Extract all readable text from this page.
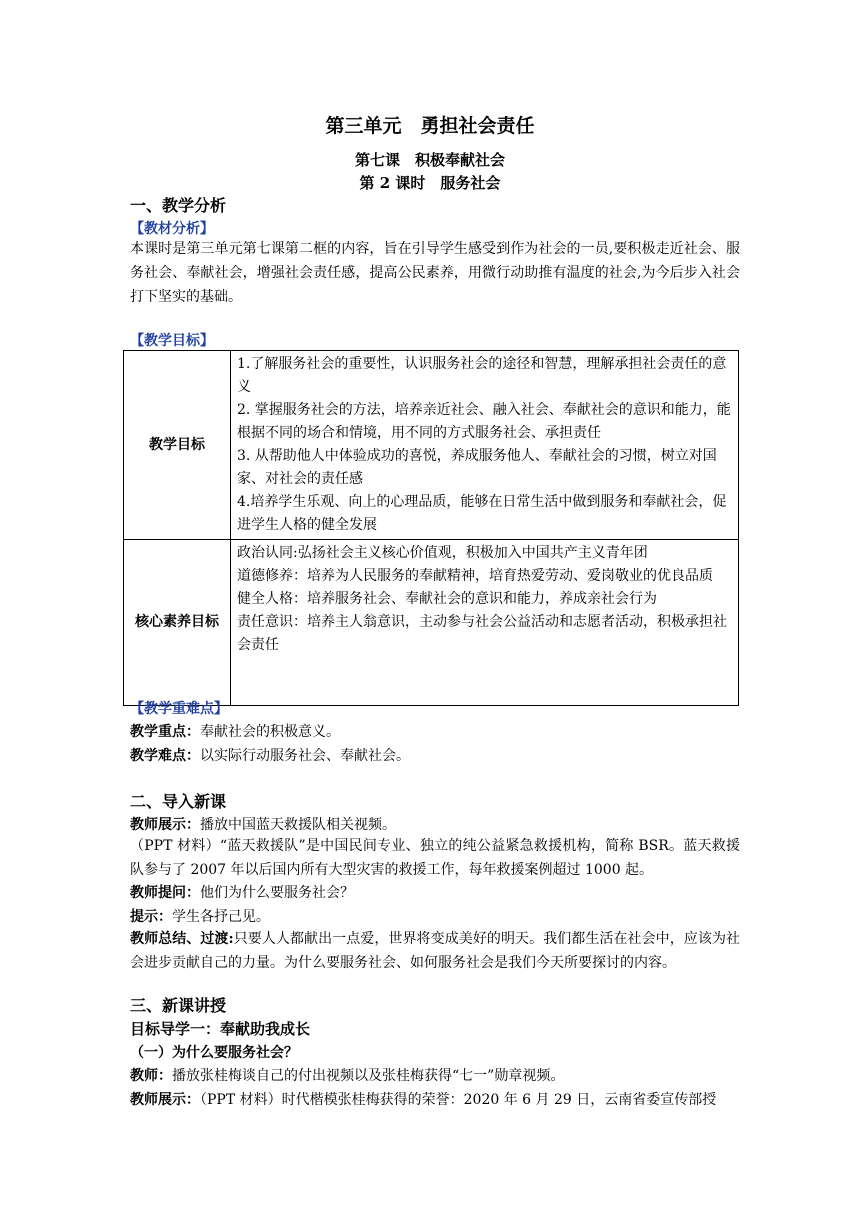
第三单元　勇担社会责任
第七课　积极奉献社会
第 2 课时　服务社会
一、教学分析
【教材分析】
本课时是第三单元第七课第二框的内容，旨在引导学生感受到作为社会的一员,要积极走近社会、服务社会、奉献社会，增强社会责任感，提高公民素养，用微行动助推有温度的社会,为今后步入社会打下坚实的基础。
【教学目标】
教学目标	1.了解服务社会的重要性，认识服务社会的途径和智慧，理解承担社会责任的意义
2. 掌握服务社会的方法，培养亲近社会、融入社会、奉献社会的意识和能力，能根据不同的场合和情境，用不同的方式服务社会、承担责任
3. 从帮助他人中体验成功的喜悦，养成服务他人、奉献社会的习惯，树立对国家、对社会的责任感
4.培养学生乐观、向上的心理品质，能够在日常生活中做到服务和奉献社会，促进学生人格的健全发展

核心素养目标	政治认同:弘扬社会主义核心价值观，积极加入中国共产主义青年团
道德修养：培养为人民服务的奉献精神，培育热爱劳动、爱岗敬业的优良品质
健全人格：培养服务社会、奉献社会的意识和能力，养成亲社会行为
责任意识：培养主人翁意识，主动参与社会公益活动和志愿者活动，积极承担社会责任
【教学重难点】
教学重点：奉献社会的积极意义。
教学难点：以实际行动服务社会、奉献社会。
二、导入新课
教师展示：播放中国蓝天救援队相关视频。
（PPT 材料）“蓝天救援队”是中国民间专业、独立的纯公益紧急救援机构，简称 BSR。蓝天救援队参与了 2007 年以后国内所有大型灾害的救援工作，每年救援案例超过 1000 起。
教师提问：他们为什么要服务社会？
提示：学生各抒己见。
教师总结、过渡:只要人人都献出一点爱，世界将变成美好的明天。我们都生活在社会中，应该为社会进步贡献自己的力量。为什么要服务社会、如何服务社会是我们今天所要探讨的内容。
三、新课讲授
目标导学一：奉献助我成长
（一）为什么要服务社会？
教师：播放张桂梅谈自己的付出视频以及张桂梅获得“七一”勋章视频。
教师展示：（PPT 材料）时代楷模张桂梅获得的荣誉：2020 年 6 月 29 日，云南省委宣传部授
